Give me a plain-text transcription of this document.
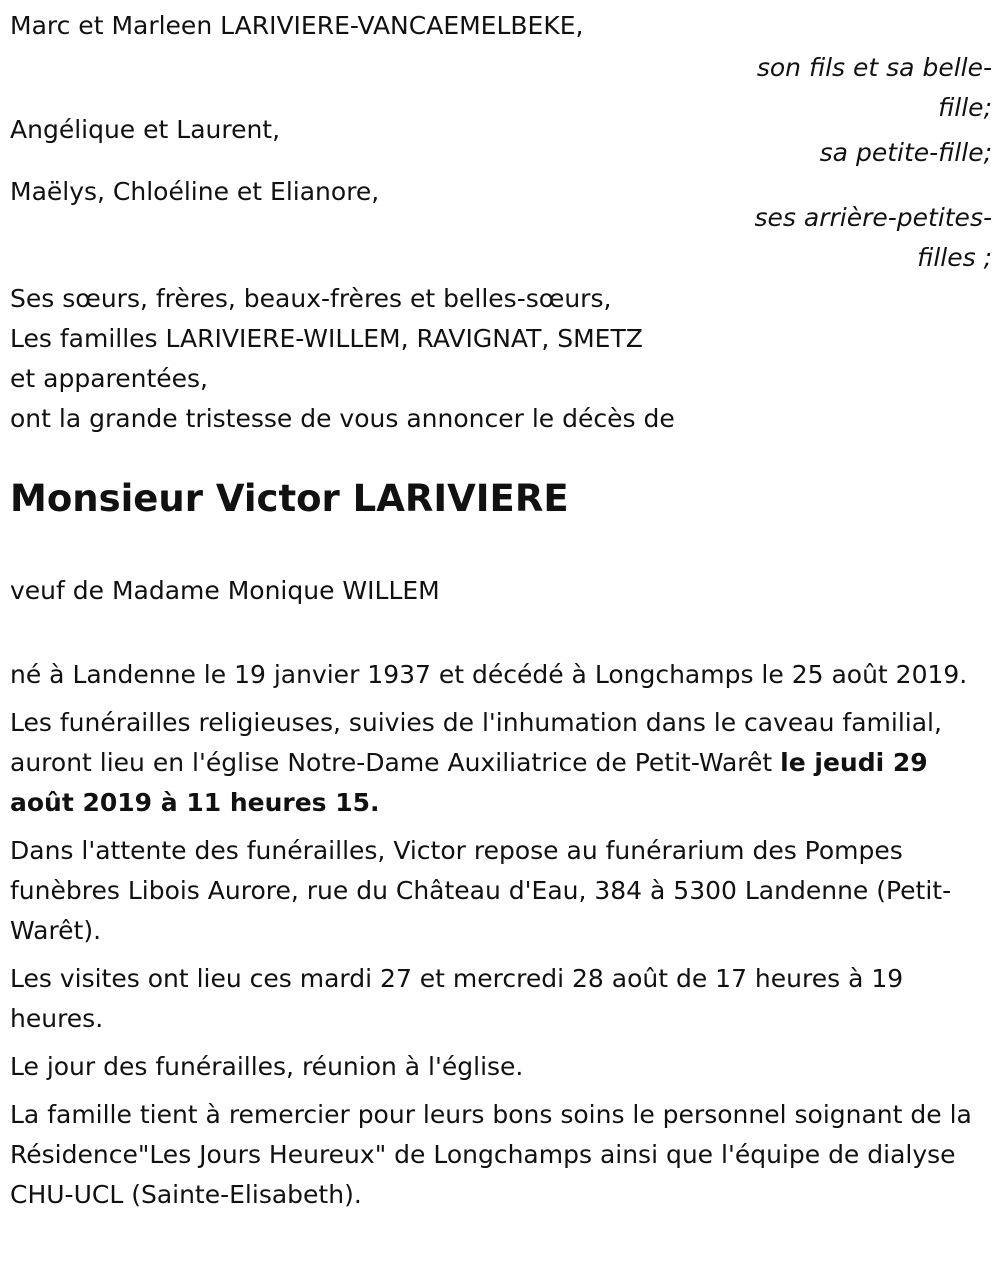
Marc et Marleen LARIVIERE-VANCAEMELBEKE,
son fils et sa belle-fille;
Angélique et Laurent,
sa petite-fille;
Maëlys, Chloéline et Elianore,
ses arrière-petites-filles ;
Ses sœurs, frères, beaux-frères et belles-sœurs,
Les familles LARIVIERE-WILLEM, RAVIGNAT, SMETZ
et apparentées,
ont la grande tristesse de vous annoncer le décès de
Monsieur Victor LARIVIERE
veuf de Madame Monique WILLEM
né à Landenne le 19 janvier 1937 et décédé à Longchamps le 25 août 2019.
Les funérailles religieuses, suivies de l'inhumation dans le caveau familial, auront lieu en l'église Notre-Dame Auxiliatrice de Petit-Warêt le jeudi 29 août 2019 à 11 heures 15.
Dans l'attente des funérailles, Victor repose au funérarium des Pompes funèbres Libois Aurore, rue du Château d'Eau, 384 à 5300 Landenne (Petit-Warêt).
Les visites ont lieu ces mardi 27 et mercredi 28 août de 17 heures à 19 heures.
Le jour des funérailles, réunion à l'église.
La famille tient à remercier pour leurs bons soins le personnel soignant de la Résidence"Les Jours Heureux" de Longchamps ainsi que l'équipe de dialyse CHU-UCL (Sainte-Elisabeth).
